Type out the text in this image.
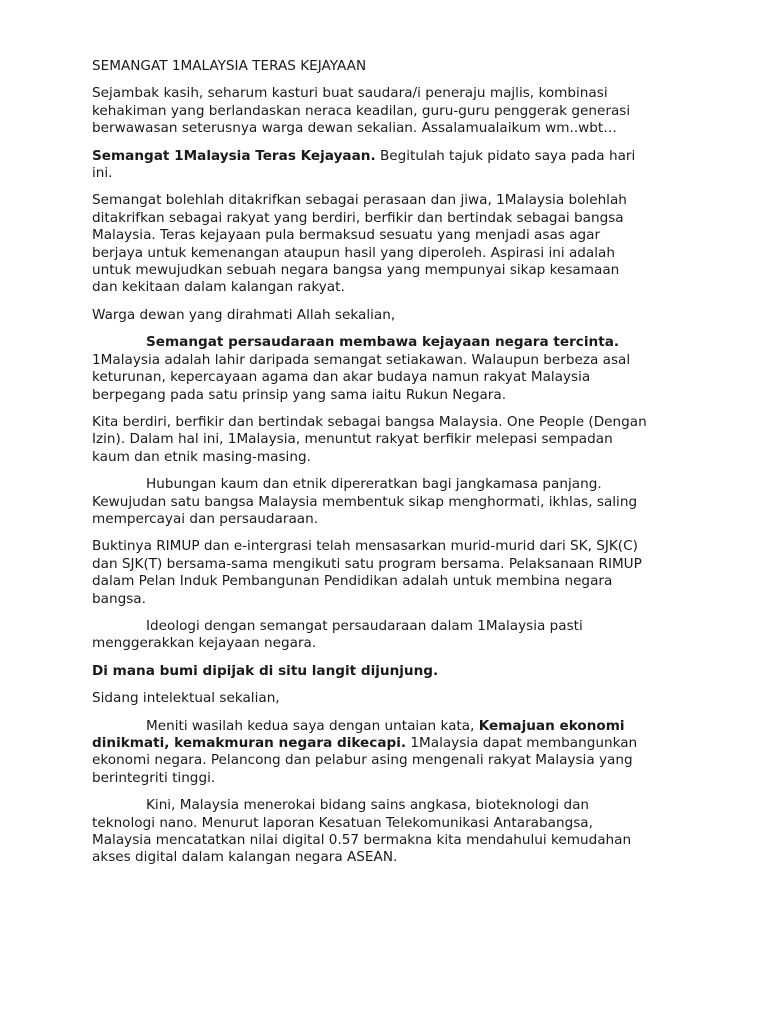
SEMANGAT 1MALAYSIA TERAS KEJAYAAN
Sejambak kasih, seharum kasturi buat saudara/i peneraju majlis, kombinasi
kehakiman yang berlandaskan neraca keadilan, guru-guru penggerak generasi
berwawasan seterusnya warga dewan sekalian. Assalamualaikum wm..wbt…
Semangat 1Malaysia Teras Kejayaan. Begitulah tajuk pidato saya pada hari
ini.
Semangat bolehlah ditakrifkan sebagai perasaan dan jiwa, 1Malaysia bolehlah
ditakrifkan sebagai rakyat yang berdiri, berfikir dan bertindak sebagai bangsa
Malaysia. Teras kejayaan pula bermaksud sesuatu yang menjadi asas agar
berjaya untuk kemenangan ataupun hasil yang diperoleh. Aspirasi ini adalah
untuk mewujudkan sebuah negara bangsa yang mempunyai sikap kesamaan
dan kekitaan dalam kalangan rakyat.
Warga dewan yang dirahmati Allah sekalian,
Semangat persaudaraan membawa kejayaan negara tercinta.
1Malaysia adalah lahir daripada semangat setiakawan. Walaupun berbeza asal
keturunan, kepercayaan agama dan akar budaya namun rakyat Malaysia
berpegang pada satu prinsip yang sama iaitu Rukun Negara.
Kita berdiri, berfikir dan bertindak sebagai bangsa Malaysia. One People (Dengan
Izin). Dalam hal ini, 1Malaysia, menuntut rakyat berfikir melepasi sempadan
kaum dan etnik masing-masing.
Hubungan kaum dan etnik dipereratkan bagi jangkamasa panjang.
Kewujudan satu bangsa Malaysia membentuk sikap menghormati, ikhlas, saling
mempercayai dan persaudaraan.
Buktinya RIMUP dan e-intergrasi telah mensasarkan murid-murid dari SK, SJK(C)
dan SJK(T) bersama-sama mengikuti satu program bersama. Pelaksanaan RIMUP
dalam Pelan Induk Pembangunan Pendidikan adalah untuk membina negara
bangsa.
Ideologi dengan semangat persaudaraan dalam 1Malaysia pasti
menggerakkan kejayaan negara.
Di mana bumi dipijak di situ langit dijunjung.
Sidang intelektual sekalian,
Meniti wasilah kedua saya dengan untaian kata, Kemajuan ekonomi
dinikmati, kemakmuran negara dikecapi. 1Malaysia dapat membangunkan
ekonomi negara. Pelancong dan pelabur asing mengenali rakyat Malaysia yang
berintegriti tinggi.
Kini, Malaysia menerokai bidang sains angkasa, bioteknologi dan
teknologi nano. Menurut laporan Kesatuan Telekomunikasi Antarabangsa,
Malaysia mencatatkan nilai digital 0.57 bermakna kita mendahului kemudahan
akses digital dalam kalangan negara ASEAN.
